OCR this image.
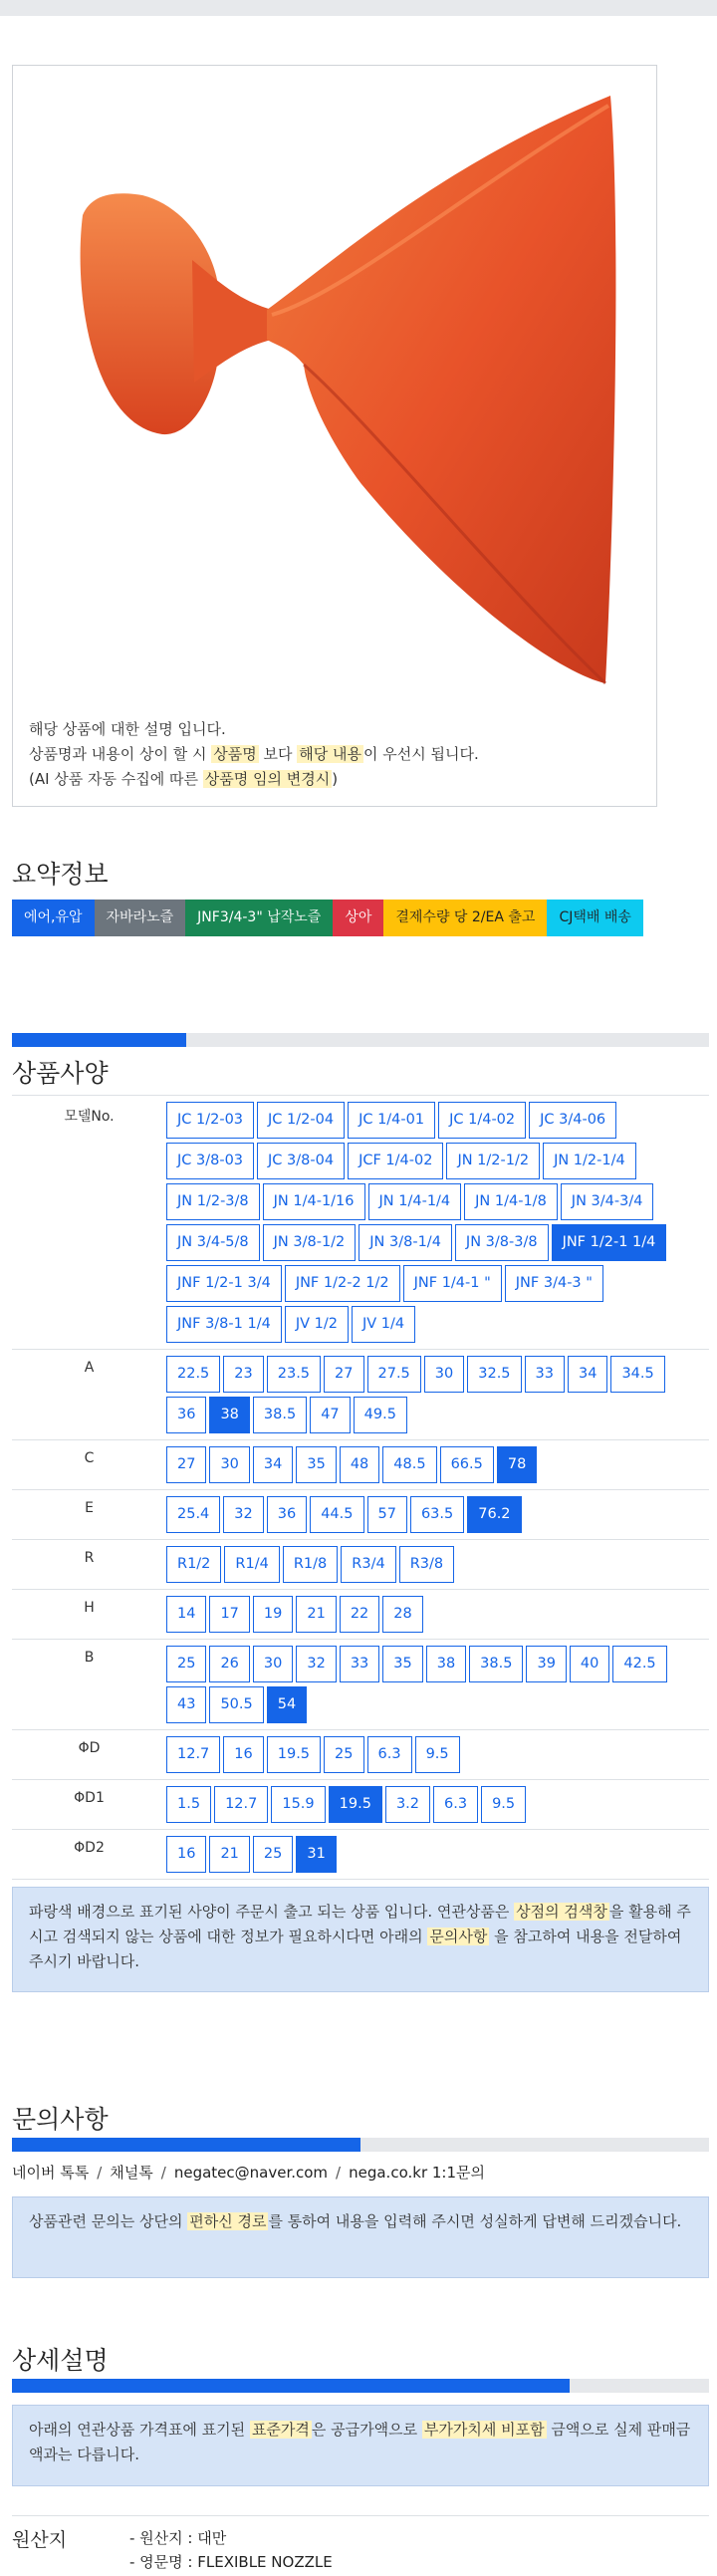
해당 상품에 대한 설명 입니다.
상품명과 내용이 상이 할 시 상품명 보다 해당 내용 이 우선시 됩니다.
(AI 상품 자동 수집에 따른 상품명 임의 변경시 )
요약정보
에어,유압	자바라노즐	JNF3/4-3" 납작노즐	상아	결제수량 당 2/EA 출고	CJ택배 배송
상품사양
모델No.	JC 1/2-03	JC 1/2-04	JC 1/4-01	JC 1/4-02	JC 3/4-06
JC 3/8-03	JC 3/8-04	JCF 1/4-02	JN 1/2-1/2	JN 1/2-1/4
JN 1/2-3/8	JN 1/4-1/16	JN 1/4-1/4	JN 1/4-1/8	JN 3/4-3/4
JN 3/4-5/8	JN 3/8-1/2	JN 3/8-1/4	JN 3/8-3/8	JNF 1/2-1 1/4
JNF 1/2-1 3/4	JNF 1/2-2 1/2	JNF 1/4-1 "	JNF 3/4-3 "
JNF 3/8-1 1/4	JV 1/2	JV 1/4
A	22.5	23	23.5	27	27.5	30	32.5	33	34	34.5
36	38	38.5	47	49.5
C	27	30	34	35	48	48.5	66.5	78
E	25.4	32	36	44.5	57	63.5	76.2
R	R1/2	R1/4	R1/8	R3/4	R3/8
H	14	17	19	21	22	28
B	25	26	30	32	33	35	38	38.5	39	40	42.5
43	50.5	54
ΦD	12.7	16	19.5	25	6.3	9.5
ΦD1	1.5	12.7	15.9	19.5	3.2	6.3	9.5
ΦD2	16	21	25	31
파랑색 배경으로 표기된 사양이 주문시 출고 되는 상품 입니다. 연관상품은 상점의 검색창 을 활용해 주시고 검색되지 않는 상품에 대한 정보가 필요하시다면 아래의 문의사항 을 참고하여 내용을 전달하여 주시기 바랍니다.
문의사항
네이버 톡톡 / 채널톡 / negatec@naver.com / nega.co.kr 1:1문의
상품관련 문의는 상단의 편하신 경로 를 통하여 내용을 입력해 주시면 성실하게 답변해 드리겠습니다.
상세설명
아래의 연관상품 가격표에 표기된 표준가격 은 공급가액으로 부가가치세 비포함 금액으로 실제 판매금액과는 다릅니다.
원산지	- 원산지 : 대만
- 영문명 : FLEXIBLE NOZZLE
